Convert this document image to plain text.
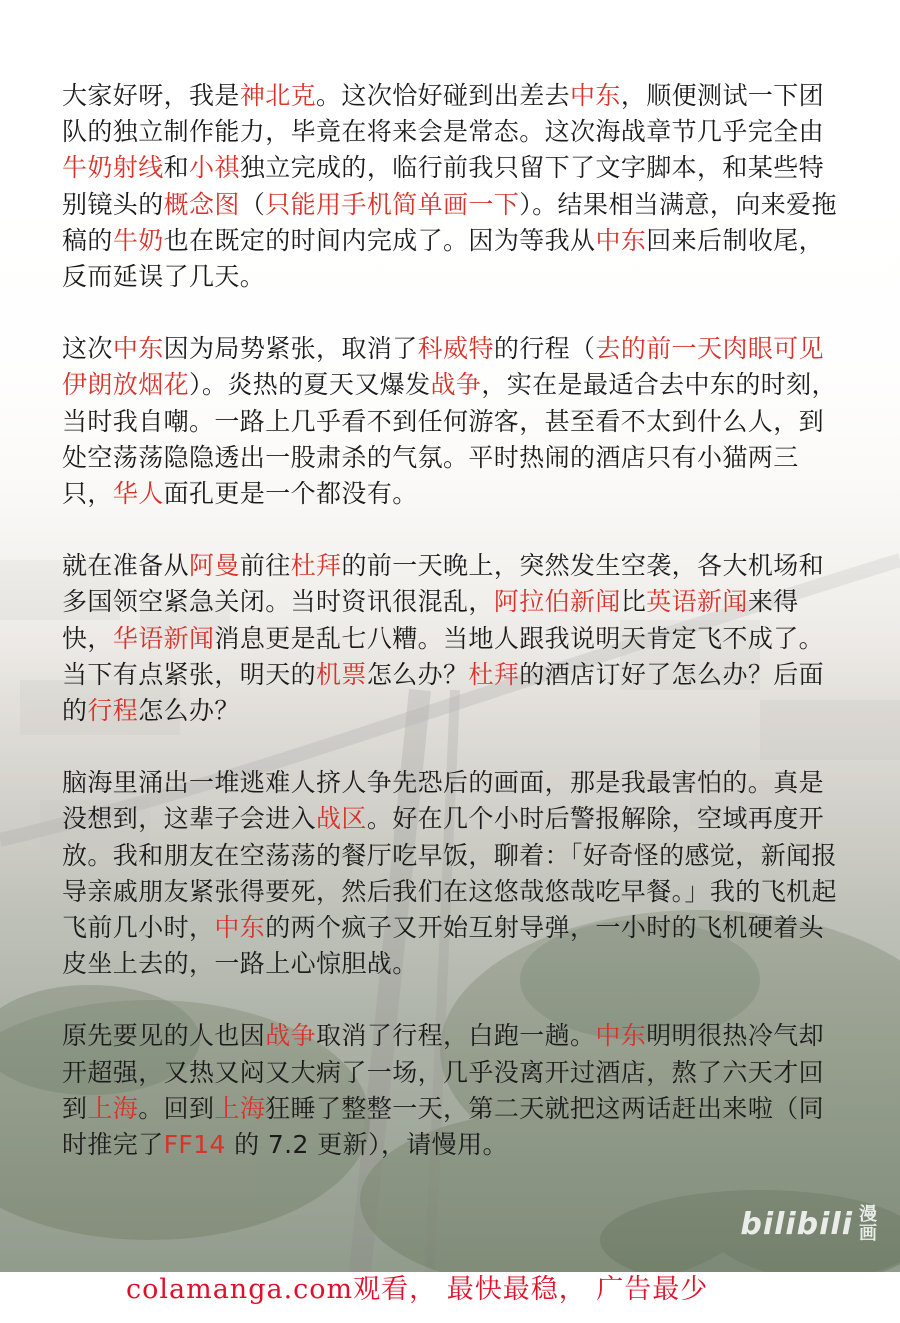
大家好呀，我是神北克。这次恰好碰到出差去中东，顺便测试一下团队的独立制作能力，毕竟在将来会是常态。这次海战章节几乎完全由牛奶射线和小祺独立完成的，临行前我只留下了文字脚本，和某些特别镜头的概念图（只能用手机简单画一下）。结果相当满意，向来爱拖稿的牛奶也在既定的时间内完成了。因为等我从中东回来后制收尾，反而延误了几天。

这次中东因为局势紧张，取消了科威特的行程（去的前一天肉眼可见伊朗放烟花）。炎热的夏天又爆发战争，实在是最适合去中东的时刻，当时我自嘲。一路上几乎看不到任何游客，甚至看不太到什么人，到处空荡荡隐隐透出一股肃杀的气氛。平时热闹的酒店只有小猫两三只，华人面孔更是一个都没有。

就在准备从阿曼前往杜拜的前一天晚上，突然发生空袭，各大机场和多国领空紧急关闭。当时资讯很混乱，阿拉伯新闻比英语新闻来得快，华语新闻消息更是乱七八糟。当地人跟我说明天肯定飞不成了。当下有点紧张，明天的机票怎么办？杜拜的酒店订好了怎么办？后面的行程怎么办？

脑海里涌出一堆逃难人挤人争先恐后的画面，那是我最害怕的。真是没想到，这辈子会进入战区。好在几个小时后警报解除，空域再度开放。我和朋友在空荡荡的餐厅吃早饭，聊着：「好奇怪的感觉，新闻报导亲戚朋友紧张得要死，然后我们在这悠哉悠哉吃早餐。」我的飞机起飞前几小时，中东的两个疯子又开始互射导弹，一小时的飞机硬着头皮坐上去的，一路上心惊胆战。

原先要见的人也因战争取消了行程，白跑一趟。中东明明很热冷气却开超强，又热又闷又大病了一场，几乎没离开过酒店，熬了六天才回到上海。回到上海狂睡了整整一天，第二天就把这两话赶出来啦（同时推完了FF14 的 7.2 更新），请慢用。

bilibili 漫
画
colamanga.com观看， 最快最稳， 广告最少
